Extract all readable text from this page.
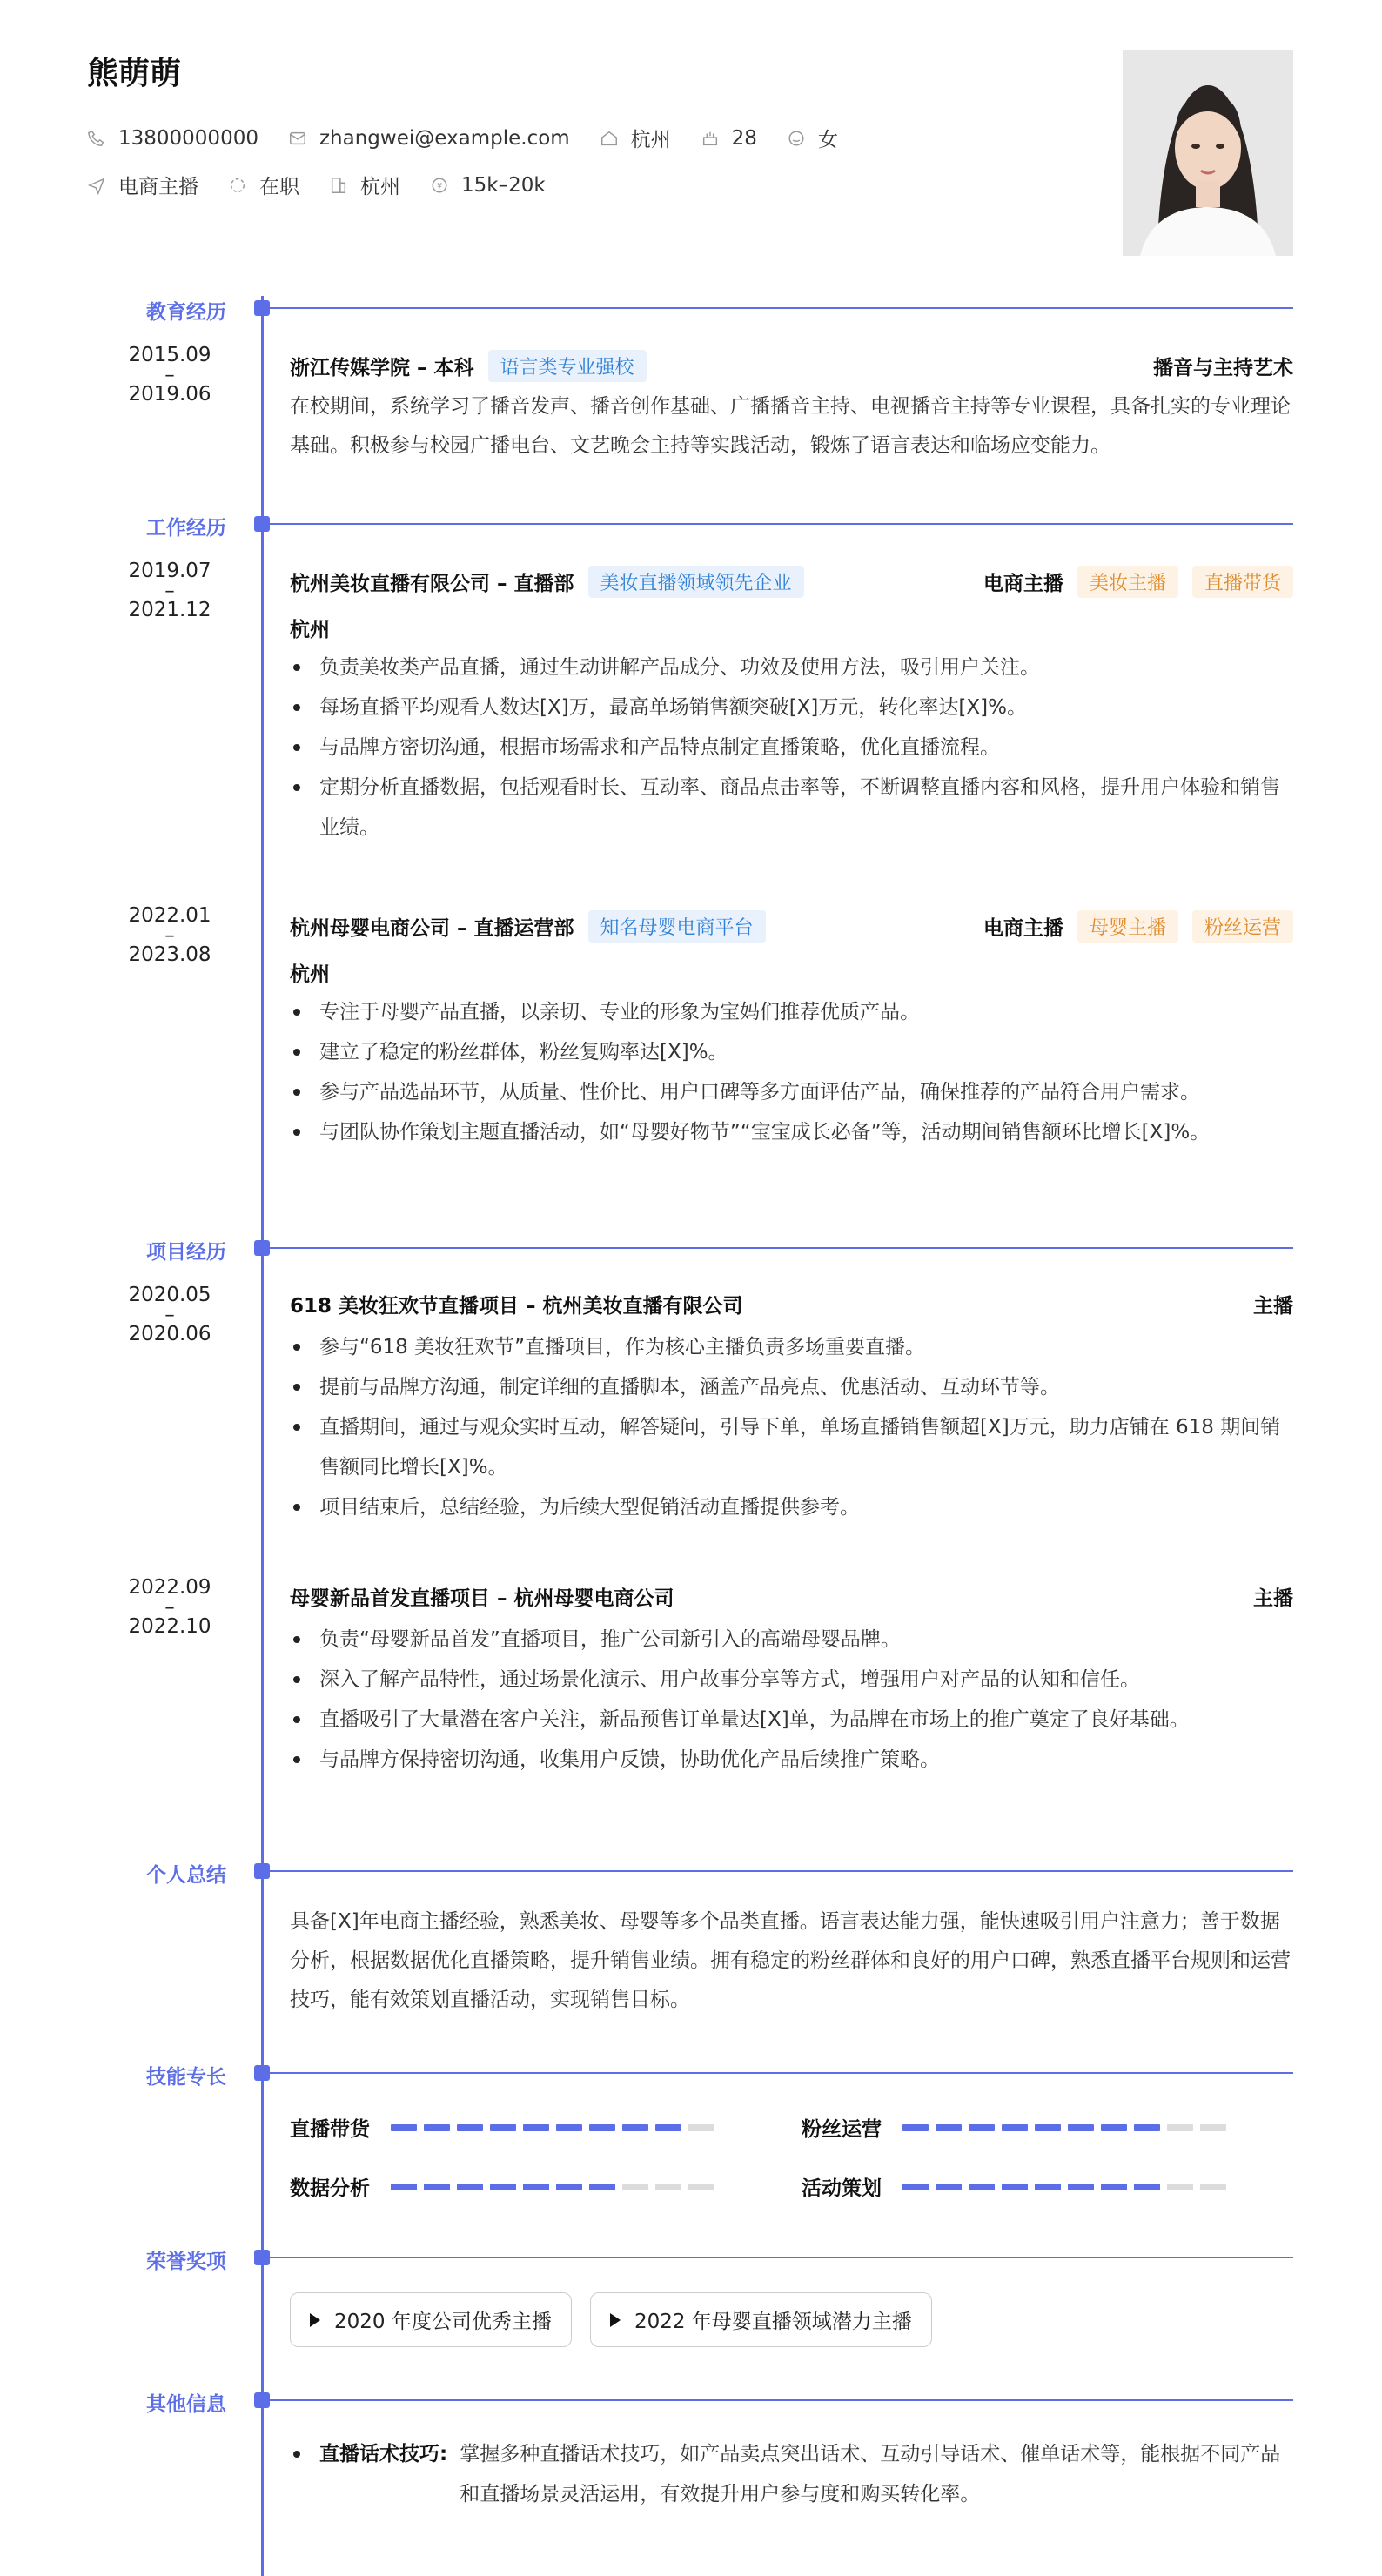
熊萌萌
13800000000	zhangwei@example.com	杭州	28	女
电商主播	在职	杭州	¥ 15k–20k
教育经历
2015.09
–
2019.06
浙江传媒学院 – 本科	语言类专业强校	播音与主持艺术
在校期间，系统学习了播音发声、播音创作基础、广播播音主持、电视播音主持等专业课程，具备扎实的专业理论基础。积极参与校园广播电台、文艺晚会主持等实践活动，锻炼了语言表达和临场应变能力。
工作经历
2019.07
–
2021.12
杭州美妆直播有限公司 – 直播部	美妆直播领域领先企业	电商主播	美妆主播	直播带货
杭州
负责美妆类产品直播，通过生动讲解产品成分、功效及使用方法，吸引用户关注。
每场直播平均观看人数达[X]万，最高单场销售额突破[X]万元，转化率达[X]%。
与品牌方密切沟通，根据市场需求和产品特点制定直播策略，优化直播流程。
定期分析直播数据，包括观看时长、互动率、商品点击率等，不断调整直播内容和风格，提升用户体验和销售业绩。
2022.01
–
2023.08
杭州母婴电商公司 – 直播运营部	知名母婴电商平台	电商主播	母婴主播	粉丝运营
杭州
专注于母婴产品直播，以亲切、专业的形象为宝妈们推荐优质产品。
建立了稳定的粉丝群体，粉丝复购率达[X]%。
参与产品选品环节，从质量、性价比、用户口碑等多方面评估产品，确保推荐的产品符合用户需求。
与团队协作策划主题直播活动，如“母婴好物节”“宝宝成长必备”等，活动期间销售额环比增长[X]%。
项目经历
2020.05
–
2020.06
618 美妆狂欢节直播项目 – 杭州美妆直播有限公司	主播
参与“618 美妆狂欢节”直播项目，作为核心主播负责多场重要直播。
提前与品牌方沟通，制定详细的直播脚本，涵盖产品亮点、优惠活动、互动环节等。
直播期间，通过与观众实时互动，解答疑问，引导下单，单场直播销售额超[X]万元，助力店铺在 618 期间销售额同比增长[X]%。
项目结束后，总结经验，为后续大型促销活动直播提供参考。
2022.09
–
2022.10
母婴新品首发直播项目 – 杭州母婴电商公司	主播
负责“母婴新品首发”直播项目，推广公司新引入的高端母婴品牌。
深入了解产品特性，通过场景化演示、用户故事分享等方式，增强用户对产品的认知和信任。
直播吸引了大量潜在客户关注，新品预售订单量达[X]单，为品牌在市场上的推广奠定了良好基础。
与品牌方保持密切沟通，收集用户反馈，协助优化产品后续推广策略。
个人总结
具备[X]年电商主播经验，熟悉美妆、母婴等多个品类直播。语言表达能力强，能快速吸引用户注意力；善于数据分析，根据数据优化直播策略，提升销售业绩。拥有稳定的粉丝群体和良好的用户口碑，熟悉直播平台规则和运营技巧，能有效策划直播活动，实现销售目标。
技能专长
直播带货	粉丝运营
数据分析	活动策划
荣誉奖项
2020 年度公司优秀主播
	2022 年母婴直播领域潜力主播
其他信息
直播话术技巧: 掌握多种直播话术技巧，如产品卖点突出话术、互动引导话术、催单话术等，能根据不同产品和直播场景灵活运用，有效提升用户参与度和购买转化率。
